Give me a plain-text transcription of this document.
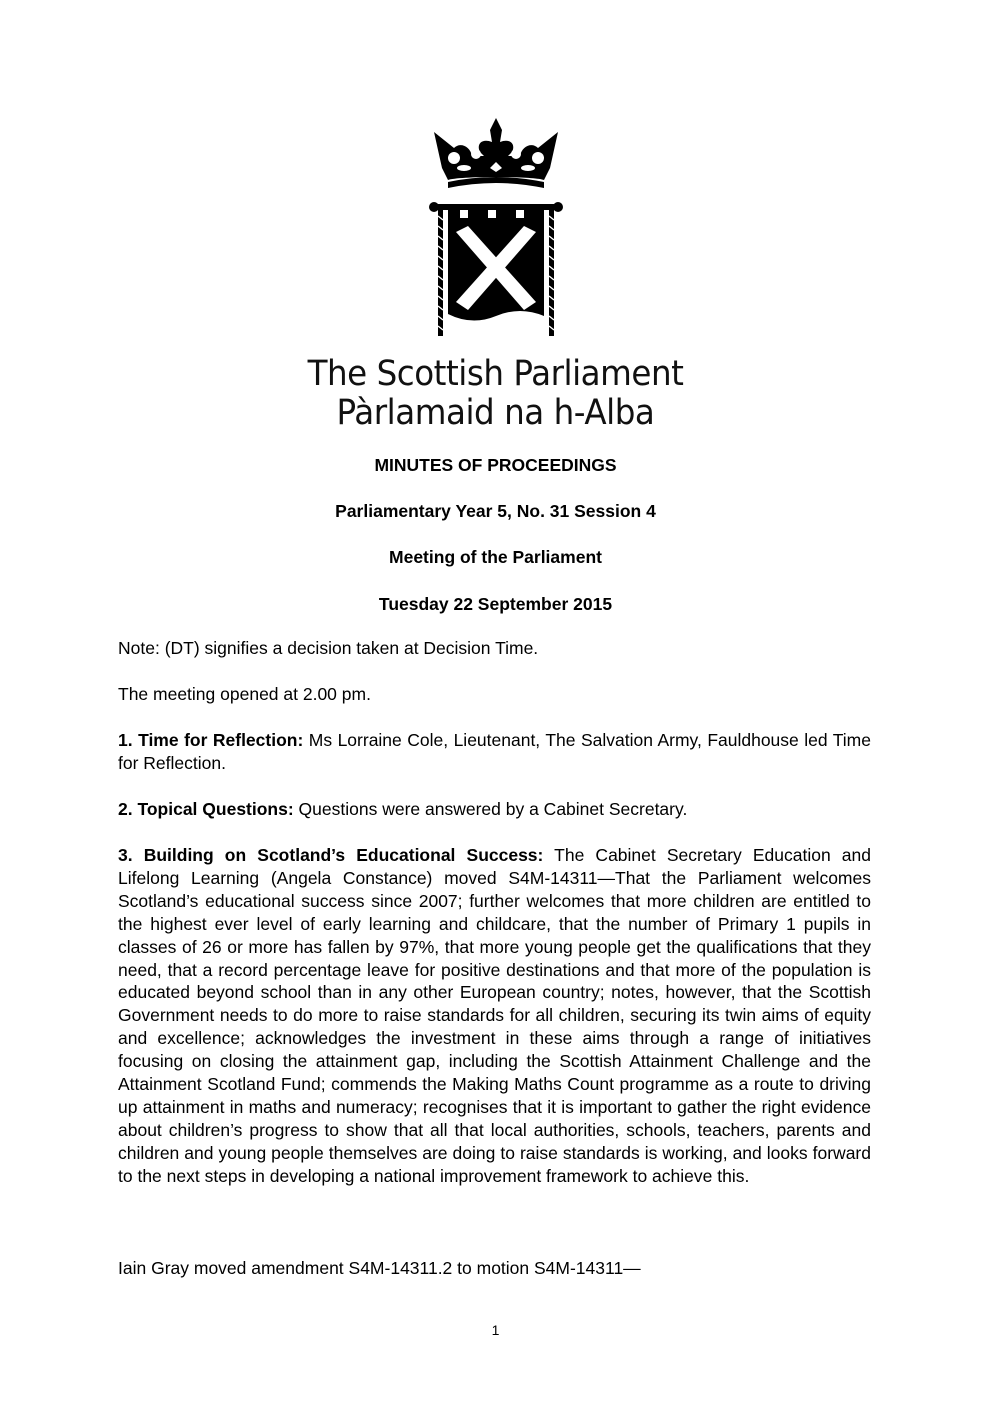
The Scottish Parliament
Pàrlamaid na h-Alba
MINUTES OF PROCEEDINGS
Parliamentary Year 5, No. 31 Session 4
Meeting of the Parliament
Tuesday 22 September 2015
Note: (DT) signifies a decision taken at Decision Time.
The meeting opened at 2.00 pm.
1. Time for Reflection: Ms Lorraine Cole, Lieutenant, The Salvation Army, Fauldhouse led Time for Reflection.
2. Topical Questions: Questions were answered by a Cabinet Secretary.
3. Building on Scotland’s Educational Success: The Cabinet Secretary Education and Lifelong Learning (Angela Constance) moved S4M-14311—That the Parliament welcomes Scotland’s educational success since 2007; further welcomes that more children are entitled to the highest ever level of early learning and childcare, that the number of Primary 1 pupils in classes of 26 or more has fallen by 97%, that more young people get the qualifications that they need, that a record percentage leave for positive destinations and that more of the population is educated beyond school than in any other European country; notes, however, that the Scottish Government needs to do more to raise standards for all children, securing its twin aims of equity and excellence; acknowledges the investment in these aims through a range of initiatives focusing on closing the attainment gap, including the Scottish Attainment Challenge and the Attainment Scotland Fund; commends the Making Maths Count programme as a route to driving up attainment in maths and numeracy; recognises that it is important to gather the right evidence about children’s progress to show that all that local authorities, schools, teachers, parents and children and young people themselves are doing to raise standards is working, and looks forward to the next steps in developing a national improvement framework to achieve this.
Iain Gray moved amendment S4M-14311.2 to motion S4M-14311—
1
